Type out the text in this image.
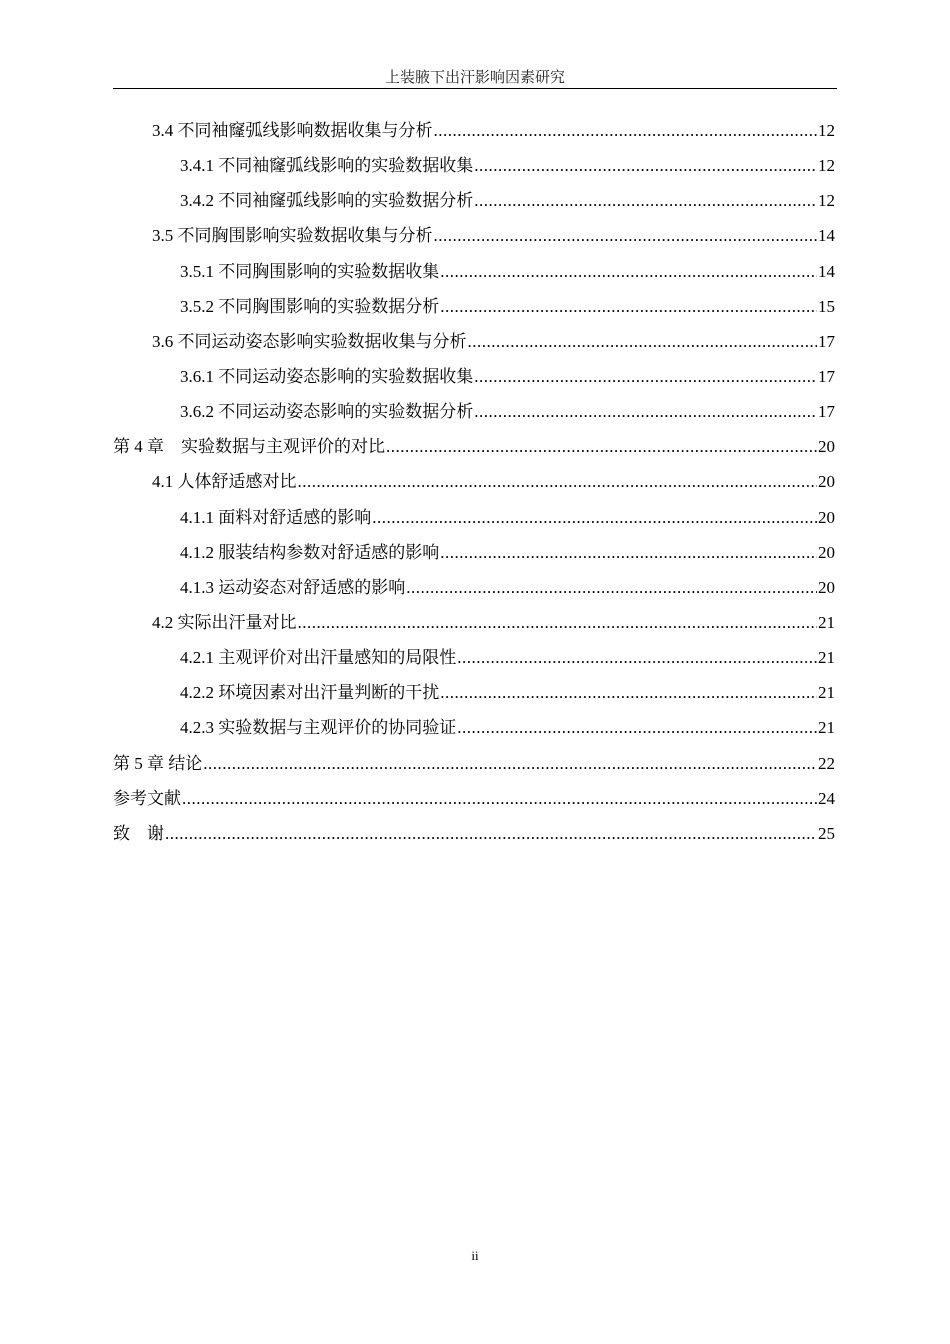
上装腋下出汗影响因素研究
3.4 不同袖窿弧线影响数据收集与分析 .....	12
3.4.1 不同袖窿弧线影响的实验数据收集 .....	12
3.4.2 不同袖窿弧线影响的实验数据分析 .....	12
3.5 不同胸围影响实验数据收集与分析 .....	14
3.5.1 不同胸围影响的实验数据收集 .....	14
3.5.2 不同胸围影响的实验数据分析 .....	15
3.6 不同运动姿态影响实验数据收集与分析 .....	17
3.6.1 不同运动姿态影响的实验数据收集 .....	17
3.6.2 不同运动姿态影响的实验数据分析 .....	17
第 4 章　实验数据与主观评价的对比 .....	20
4.1 人体舒适感对比 .....	20
4.1.1 面料对舒适感的影响 .....	20
4.1.2 服装结构参数对舒适感的影响 .....	20
4.1.3 运动姿态对舒适感的影响 .....	20
4.2 实际出汗量对比 .....	21
4.2.1 主观评价对出汗量感知的局限性 .....	21
4.2.2 环境因素对出汗量判断的干扰 .....	21
4.2.3 实验数据与主观评价的协同验证 .....	21
第 5 章 结论 .....	22
参考文献 .....	24
致　谢 .....	25
ii
